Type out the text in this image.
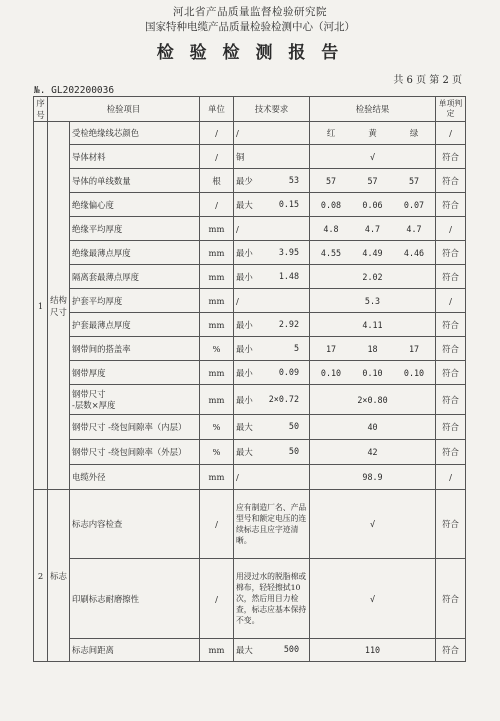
河北省产品质量监督检验研究院
国家特种电缆产品质量检验检测中心（河北）
检 验 检 测 报 告
共 6 页 第 2 页
№. GL202200036
序号	检验项目		单位	技术要求	检验结果	单项判定
1	结构尺寸	受检绝缘线芯颜色	/	/	红 黄 绿	/
		导体材料	/	铜	√	符合
		导体的单线数量	根	最少 53	57 57 57	符合
		绝缘偏心度	/	最大 0.15	0.08 0.06 0.07	符合
		绝缘平均厚度	mm	/	4.8 4.7 4.7	/
		绝缘最薄点厚度	mm	最小 3.95	4.55 4.49 4.46	符合
		隔离套最薄点厚度	mm	最小 1.48	2.02	符合
		护套平均厚度	mm	/	5.3	/
		护套最薄点厚度	mm	最小 2.92	4.11	符合
		钢带间的搭盖率	%	最小 5	17 18 17	符合
		钢带厚度	mm	最小 0.09	0.10 0.10 0.10	符合
		钢带尺寸
-层数×厚度	mm	最小 2×0.72	2×0.80	符合
		钢带尺寸 -绕包间隙率（内层）	%	最大 50	40	符合
		钢带尺寸 -绕包间隙率（外层）	%	最大 50	42	符合
		电缆外径	mm	/	98.9	/
2	标志	标志内容检查	/	应有制造厂名、产品型号和额定电压的连续标志且应字迹清晰。	√	符合
		印刷标志耐磨擦性	/	用浸过水的脱脂棉或棉布，轻轻擦拭10次，然后用目力检查，标志应基本保持不变。	√	符合
		标志间距离	mm	最大 500	110	符合
